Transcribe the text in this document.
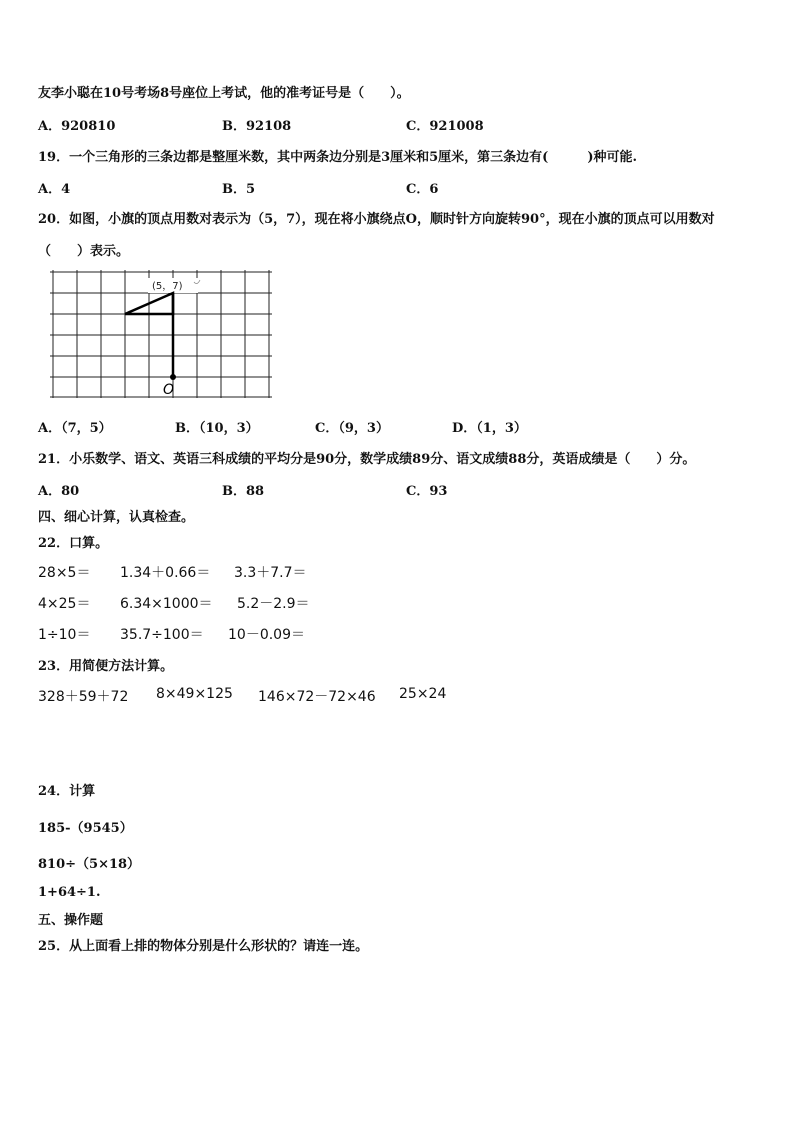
友李小聪在10号考场8号座位上考试，他的准考证号是（　　）。
A．920810	B．92108	C．921008
19．一个三角形的三条边都是整厘米数，其中两条边分别是3厘米和5厘米，第三条边有(　　　)种可能.
A．4	B．5	C．6
20．如图，小旗的顶点用数对表示为（5，7），现在将小旗绕点O，顺时针方向旋转90°，现在小旗的顶点可以用数对
（　　）表示。
(5，7)
O
A．（7，5）	B．（10，3）	C．（9，3）	D．（1，3）
21．小乐数学、语文、英语三科成绩的平均分是90分，数学成绩89分、语文成绩88分，英语成绩是（　　）分。
A．80	B．88	C．93
四、细心计算，认真检查。
22．口算。
28×5＝ 1.34＋0.66＝ 3.3＋7.7＝
4×25＝ 6.34×1000＝ 5.2－2.9＝
1÷10＝ 35.7÷100＝ 10－0.09＝
23．用简便方法计算。
328＋59＋72 8×49×125 146×72－72×46 25×24
24．计算
185-（9545）
810÷（5×18）
1+64÷1.
五、操作题
25．从上面看上排的物体分别是什么形状的？请连一连。
